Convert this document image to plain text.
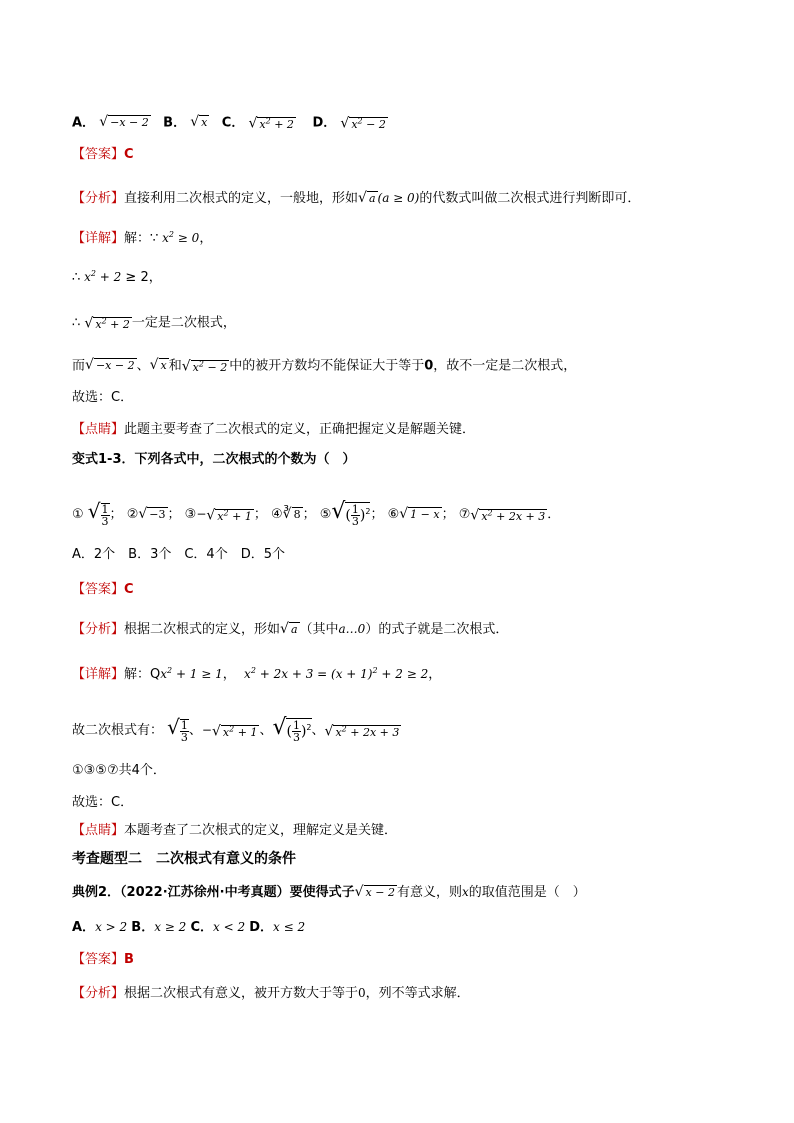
A． √ −x − 2 B． √ x C． √ $x^2 + 2$ D． √ $x^2 - 2$
【答案】C
【分析】直接利用二次根式的定义，一般地，形如√ a (a ≥ 0)的代数式叫做二次根式进行判断即可．
【详解】解：∵ $x^2 \ge 0$，
∴ $x^2 + 2 \ge 2$，
∴ √ $x^2 + 2$ 一定是二次根式，
而√ −x − 2 、√ x 和√ $x^2 - 2$ 中的被开方数均不能保证大于等于0，故不一定是二次根式，
故选：C．
【点睛】此题主要考查了二次根式的定义，正确把握定义是解题关键．
变式1-3．下列各式中，二次根式的个数为（　）
① √ $\frac{1}{3}$ ； ②√ −3 ； ③−√ $x^2 + 1$ ； ④∛ 8 ； ⑤√( $\frac{1}{3} )^2$； ⑥√ 1 − x ； ⑦√ $x^2 + 2x + 3$ ．
A．2个　B．3个　C．4个　D．5个
【答案】C
【分析】根据二次根式的定义，形如√ a （其中a…0）的式子就是二次根式．
【详解】解：$Qx^2 + 1 \ge 1$， $x^2 + 2x + 3 = (x + 1)^2 + 2 \ge 2$，
故二次根式有： √ $\frac{1}{3}$ 、−√ $x^2 + 1$ 、√( $\frac{1}{3} )^2$、√ $x^2 + 2x + 3$
①③⑤⑦共4个．
故选：C．
【点睛】本题考查了二次根式的定义，理解定义是关键．
考查题型二　二次根式有意义的条件
典例2．（2022·江苏徐州·中考真题）要使得式子√ x − 2 有意义，则x的取值范围是（　）
A．x > 2 B．x ≥ 2 C．x < 2 D．x ≤ 2
【答案】B
【分析】根据二次根式有意义，被开方数大于等于0，列不等式求解．
